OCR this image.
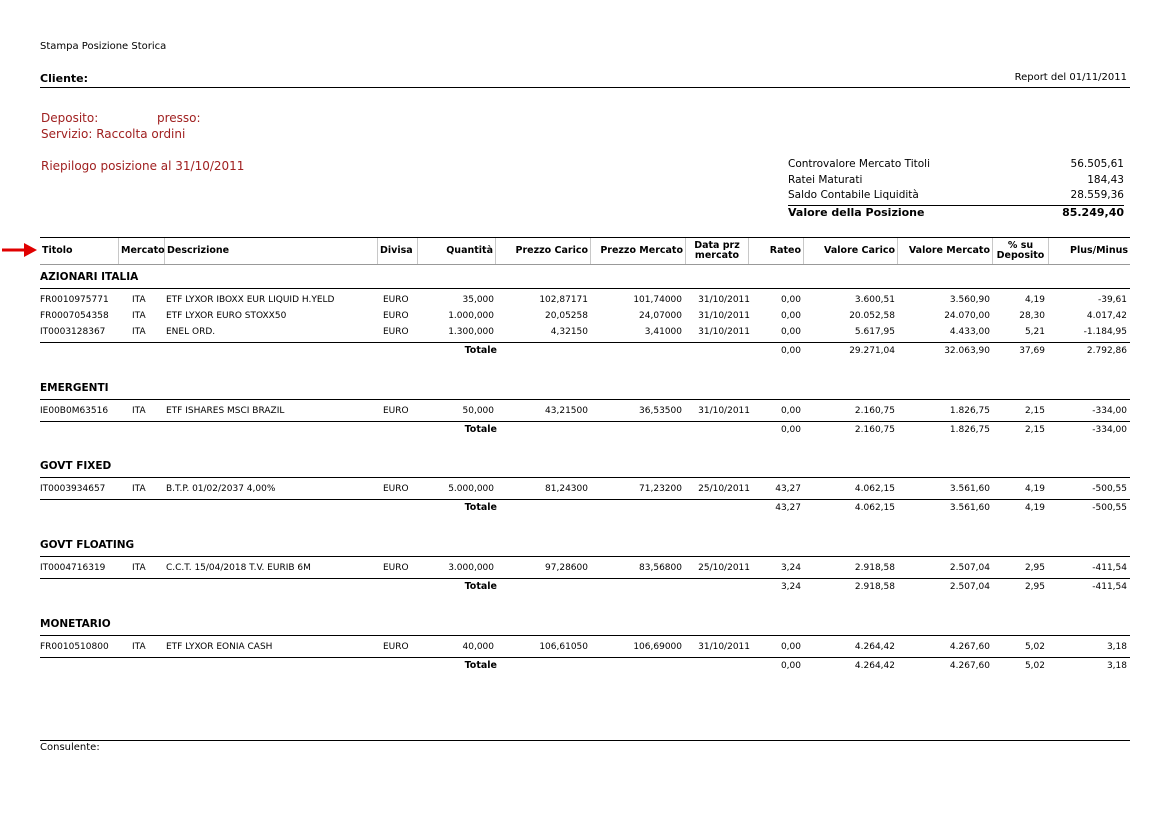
Stampa Posizione Storica
Cliente:	Report del 01/11/2011
Deposito:	presso:
Servizio: Raccolta ordini
Riepilogo posizione al 31/10/2011	Controvalore Mercato Titoli	56.505,61
Ratei Maturati	184,43
Saldo Contabile Liquidità	28.559,36
Valore della Posizione	85.249,40
Titolo	Mercato Descrizione	Divisa	Quantità	Prezzo Carico	Prezzo Mercato	Data prz mercato	Rateo	Valore Carico	Valore Mercato	% su Deposito	Plus/Minus
AZIONARI ITALIA
FR0010975771	ITA ETF LYXOR IBOXX EUR LIQUID H.YELD	EURO	35,000	102,87171	101,74000	31/10/2011	0,00	3.600,51	3.560,90	4,19	-39,61
FR0007054358	ITA ETF LYXOR EURO STOXX50	EURO	1.000,000	20,05258	24,07000	31/10/2011	0,00	20.052,58	24.070,00	28,30	4.017,42
IT0003128367	ITA ENEL ORD.	EURO	1.300,000	4,32150	3,41000	31/10/2011	0,00	5.617,95	4.433,00	5,21	-1.184,95
Totale	0,00	29.271,04	32.063,90	37,69	2.792,86
EMERGENTI
IE00B0M63516	ITA ETF ISHARES MSCI BRAZIL	EURO	50,000	43,21500	36,53500	31/10/2011	0,00	2.160,75	1.826,75	2,15	-334,00
Totale	0,00	2.160,75	1.826,75	2,15	-334,00
GOVT FIXED
IT0003934657	ITA B.T.P. 01/02/2037 4,00%	EURO	5.000,000	81,24300	71,23200	25/10/2011	43,27	4.062,15	3.561,60	4,19	-500,55
Totale	43,27	4.062,15	3.561,60	4,19	-500,55
GOVT FLOATING
IT0004716319	ITA C.C.T. 15/04/2018 T.V. EURIB 6M	EURO	3.000,000	97,28600	83,56800	25/10/2011	3,24	2.918,58	2.507,04	2,95	-411,54
Totale	3,24	2.918,58	2.507,04	2,95	-411,54
MONETARIO
FR0010510800	ITA ETF LYXOR EONIA CASH	EURO	40,000	106,61050	106,69000	31/10/2011	0,00	4.264,42	4.267,60	5,02	3,18
Totale	0,00	4.264,42	4.267,60	5,02	3,18
Consulente:
